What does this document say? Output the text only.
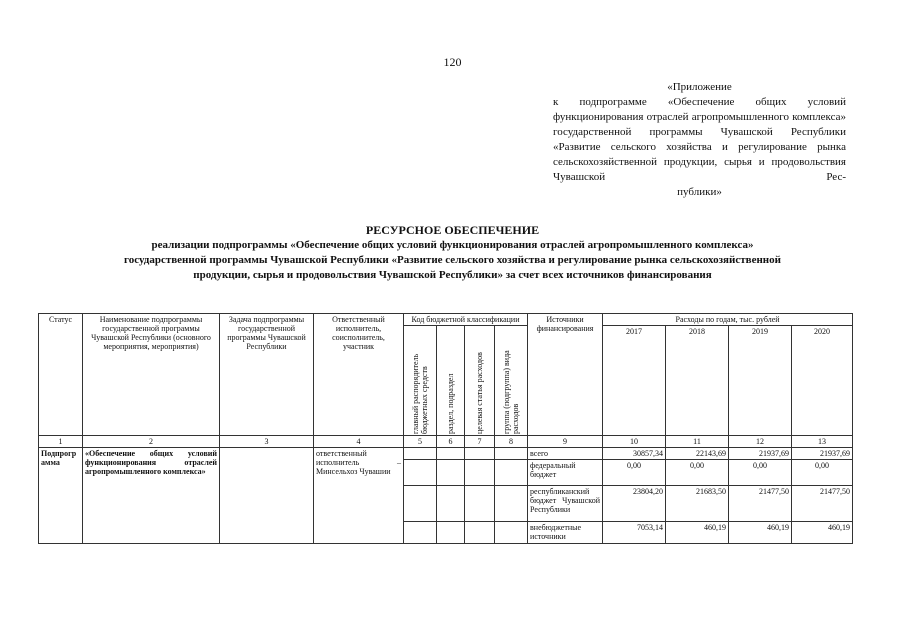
120
«Приложение
к подпрограмме «Обеспечение общих условий функционирования отраслей агропромышленного комплекса» государственной программы Чувашской Республики «Развитие сельского хозяйства и регулирование рынка сельскохозяйственной продукции, сырья и продовольствия Чувашской Рес-
публики»
РЕСУРСНОЕ ОБЕСПЕЧЕНИЕ
реализации подпрограммы «Обеспечение общих условий функционирования отраслей агропромышленного комплекса»
государственной программы Чувашской Республики «Развитие сельского хозяйства и регулирование рынка сельскохозяйственной
продукции, сырья и продовольствия Чувашской Республики» за счет всех источников финансирования
Статус	Наименование подпрограммы государственной программы Чувашской Республики (основного мероприятия, мероприятия)	Задача подпрограммы государственной программы Чувашской Республики	Ответственный исполнитель, соисполнитель, участник	Код бюджетной классификации				Источники финансирования	Расходы по годам, тыс. рублей			

				главный распорядитель бюджетных средств	раздел, подраздел	целевая статья расходов	группа (подгруппа) вида расходов		2017	2018	2019	2020
1	2	3	4	5	6	7	8	9	10	11	12	13
Подпрограмма	«Обеспечение общих условий функционирования отраслей агропромышленного комплекса»		ответственный исполнитель – Минсельхоз Чувашии					всего	30857,34	22143,69	21937,69	21937,69
								федеральный бюджет	0,00	0,00	0,00	0,00
								республиканский бюджет Чувашской Республики	23804,20	21683,50	21477,50	21477,50
								внебюджетные источники	7053,14	460,19	460,19	460,19
